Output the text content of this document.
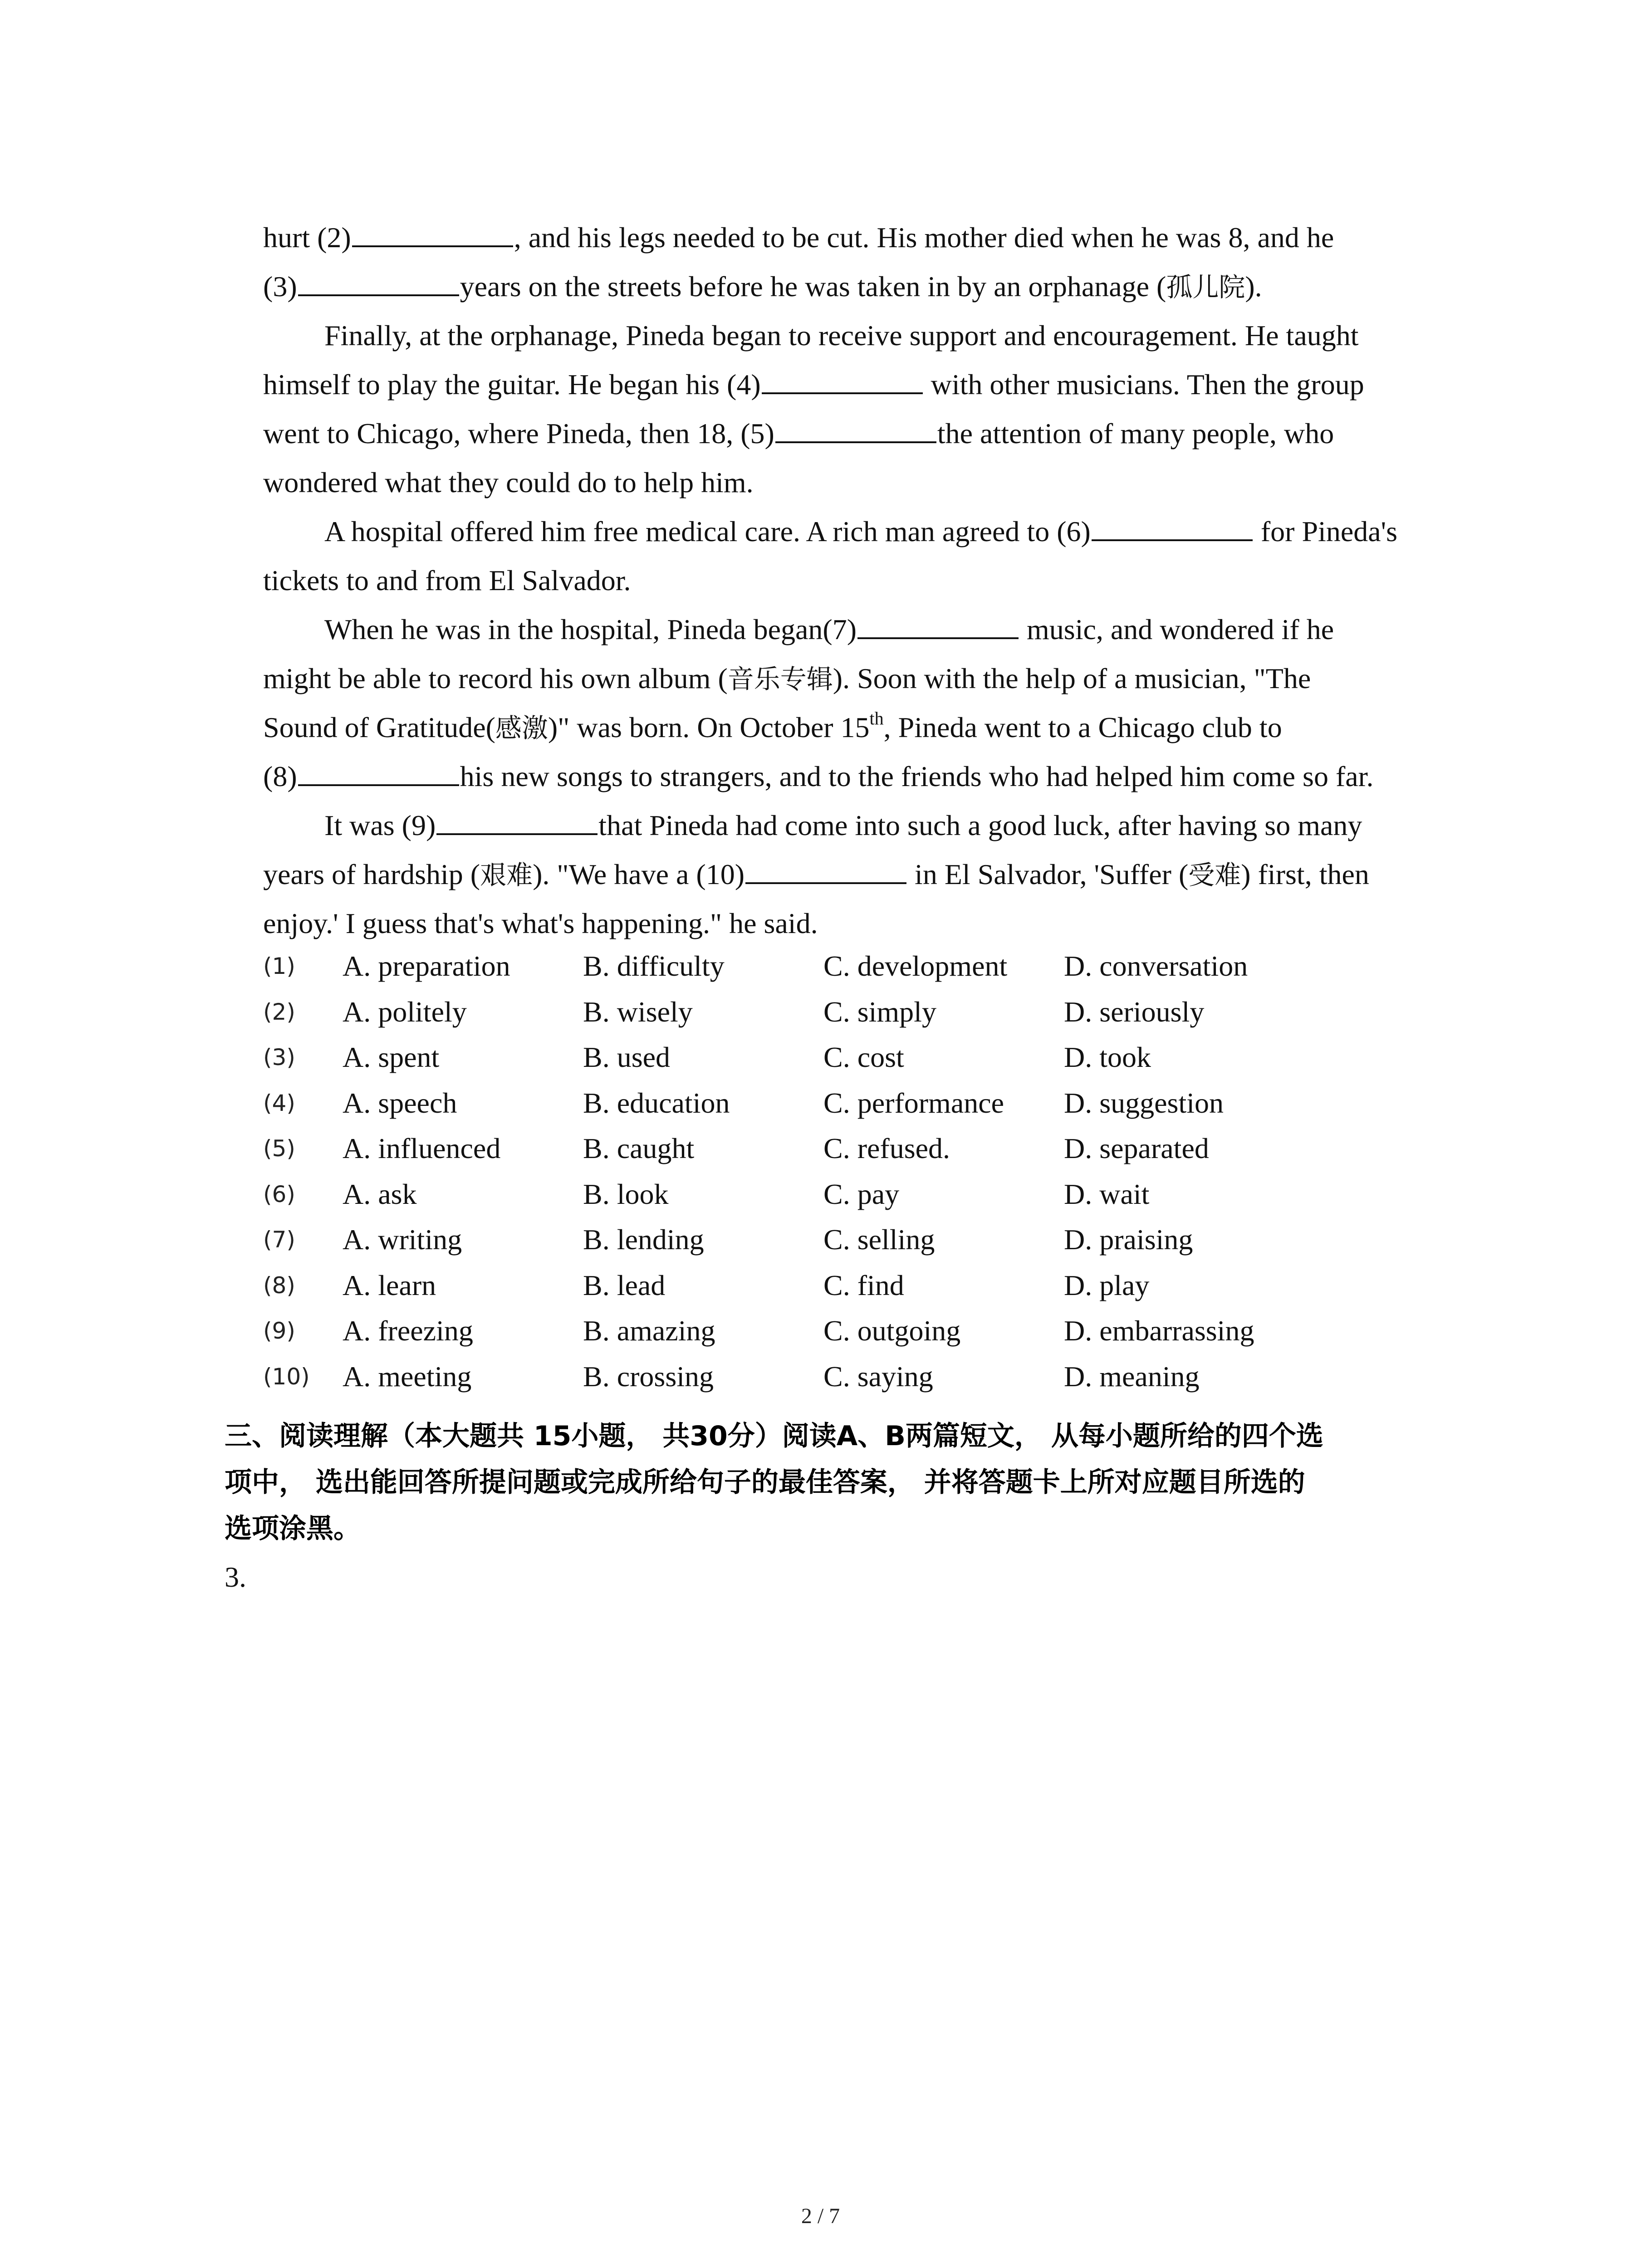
hurt (2)	, and his legs needed to be cut. His mother died when he was 8, and he
(3)	years on the streets before he was taken in by an orphanage (孤儿院).
Finally, at the orphanage, Pineda began to receive support and encouragement. He taught
himself to play the guitar. He began his (4)	with other musicians. Then the group
went to Chicago, where Pineda, then 18, (5)	the attention of many people, who
wondered what they could do to help him.
A hospital offered him free medical care. A rich man agreed to (6)	for Pineda's
tickets to and from El Salvador.
When he was in the hospital, Pineda began(7)	music, and wondered if he
might be able to record his own album (音乐专辑). Soon with the help of a musician, "The
Sound of Gratitude(感激)" was born. On October 15th, Pineda went to a Chicago club to
(8)	his new songs to strangers, and to the friends who had helped him come so far.
It was (9)	that Pineda had come into such a good luck, after having so many
years of hardship (艰难). "We have a (10)	in El Salvador, 'Suffer (受难) first, then
enjoy.' I guess that's what's happening." he said.
(1) A. preparation	B. difficulty	C. development D. conversation
(2) A. politely	B. wisely	C. simply	D. seriously
(3) A. spent	B. used	C. cost	D. took
(4) A. speech	B. education	C. performance D. suggestion
(5) A. influenced	B. caught	C. refused.	D. separated
(6) A. ask	B. look	C. pay	D. wait
(7) A. writing	B. lending	C. selling	D. praising
(8) A. learn	B. lead	C. find	D. play
(9) A. freezing	B. amazing	C. outgoing	D. embarrassing
(10) A. meeting	B. crossing	C. saying	D. meaning
三、阅读理解（本大题共 15小题， 共30分）阅读A、B两篇短文， 从每小题所给的四个选
项中， 选出能回答所提问题或完成所给句子的最佳答案， 并将答题卡上所对应题目所选的
选项涂黑。
3.
2 / 7
